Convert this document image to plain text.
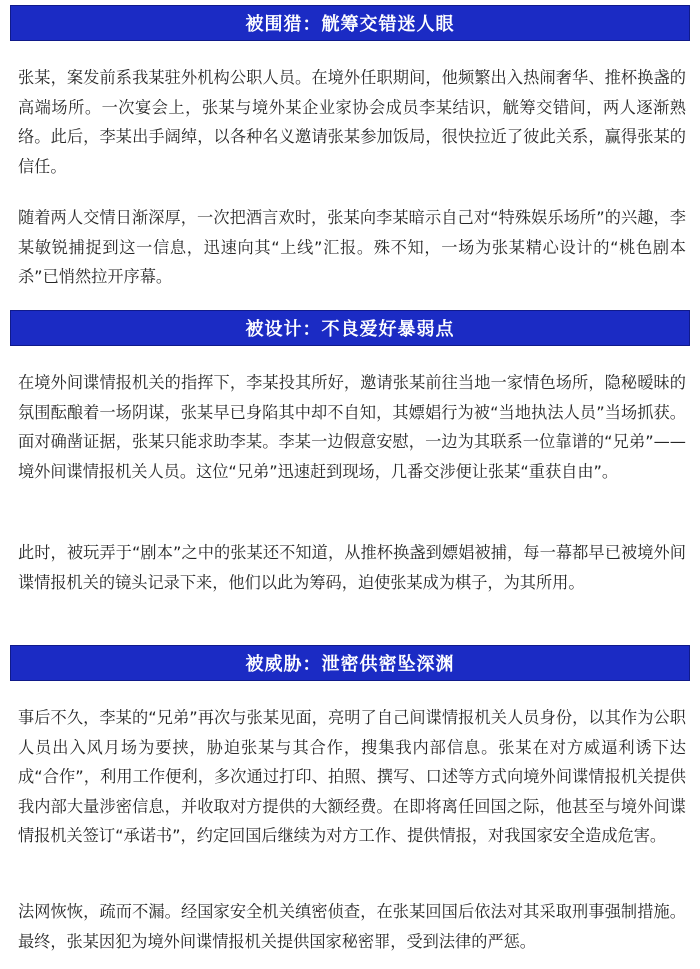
被围猎：觥筹交错迷人眼

张某，案发前系我某驻外机构公职人员。在境外任职期间，他频繁出入热闹奢华、推杯换盏的高端场所。一次宴会上，张某与境外某企业家协会成员李某结识，觥筹交错间，两人逐渐熟络。此后，李某出手阔绰，以各种名义邀请张某参加饭局，很快拉近了彼此关系，赢得张某的信任。

随着两人交情日渐深厚，一次把酒言欢时，张某向李某暗示自己对“特殊娱乐场所”的兴趣，李某敏锐捕捉到这一信息，迅速向其“上线”汇报。殊不知，一场为张某精心设计的“桃色剧本杀”已悄然拉开序幕。

被设计：不良爱好暴弱点

在境外间谍情报机关的指挥下，李某投其所好，邀请张某前往当地一家情色场所，隐秘暧昧的氛围酝酿着一场阴谋，张某早已身陷其中却不自知，其嫖娼行为被“当地执法人员”当场抓获。面对确凿证据，张某只能求助李某。李某一边假意安慰，一边为其联系一位靠谱的“兄弟”——境外间谍情报机关人员。这位“兄弟”迅速赶到现场，几番交涉便让张某“重获自由”。

此时，被玩弄于“剧本”之中的张某还不知道，从推杯换盏到嫖娼被捕，每一幕都早已被境外间谍情报机关的镜头记录下来，他们以此为筹码，迫使张某成为棋子，为其所用。

被威胁：泄密供密坠深渊

事后不久，李某的“兄弟”再次与张某见面，亮明了自己间谍情报机关人员身份，以其作为公职人员出入风月场为要挟，胁迫张某与其合作，搜集我内部信息。张某在对方威逼利诱下达成“合作”，利用工作便利，多次通过打印、拍照、撰写、口述等方式向境外间谍情报机关提供我内部大量涉密信息，并收取对方提供的大额经费。在即将离任回国之际，他甚至与境外间谍情报机关签订“承诺书”，约定回国后继续为对方工作、提供情报，对我国家安全造成危害。

法网恢恢，疏而不漏。经国家安全机关缜密侦查，在张某回国后依法对其采取刑事强制措施。最终，张某因犯为境外间谍情报机关提供国家秘密罪，受到法律的严惩。
